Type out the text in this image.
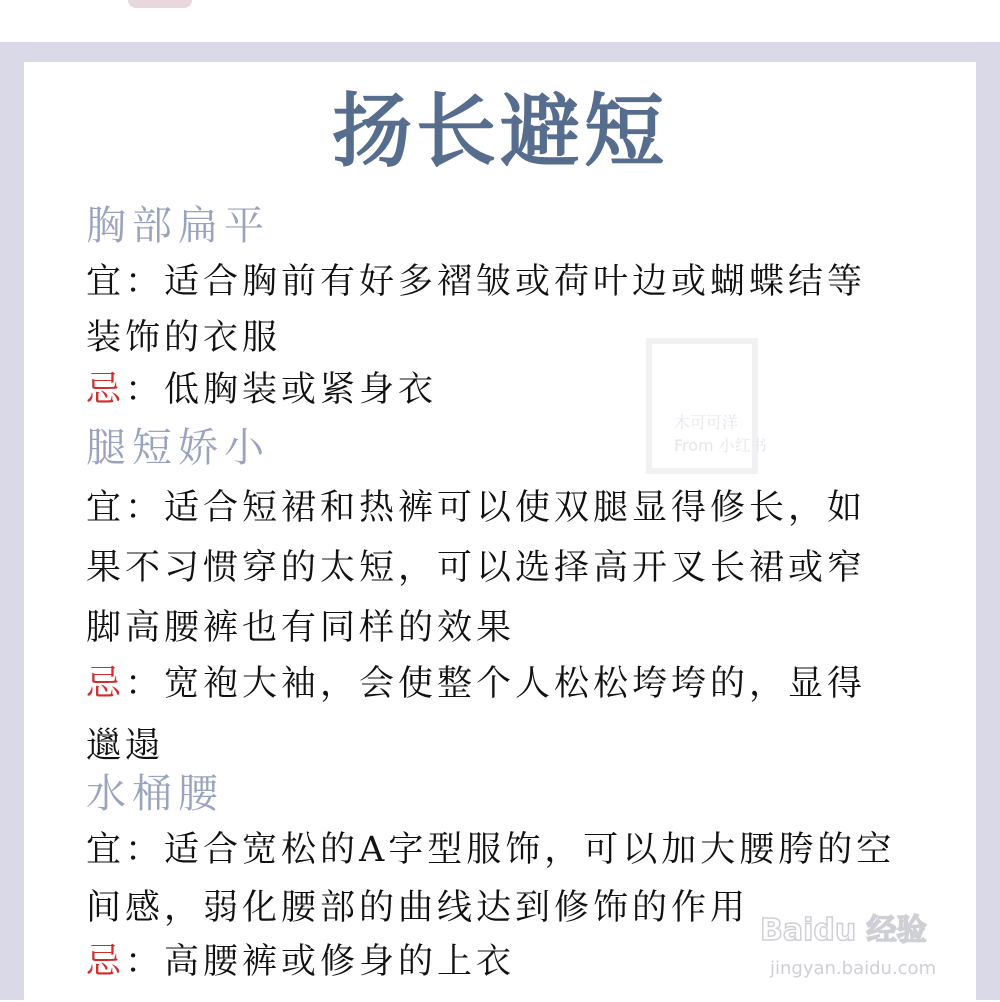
扬长避短
胸部扁平
宜：适合胸前有好多褶皱或荷叶边或蝴蝶结等
装饰的衣服
忌：低胸装或紧身衣
腿短娇小
宜：适合短裙和热裤可以使双腿显得修长，如
果不习惯穿的太短，可以选择高开叉长裙或窄
脚高腰裤也有同样的效果
忌：宽袍大袖，会使整个人松松垮垮的，显得
邋遢
水桶腰
宜：适合宽松的A字型服饰，可以加大腰胯的空
间感，弱化腰部的曲线达到修饰的作用
忌：高腰裤或修身的上衣
木可可洋
From 小红书
Baidu 经验
jingyan.baidu.com
